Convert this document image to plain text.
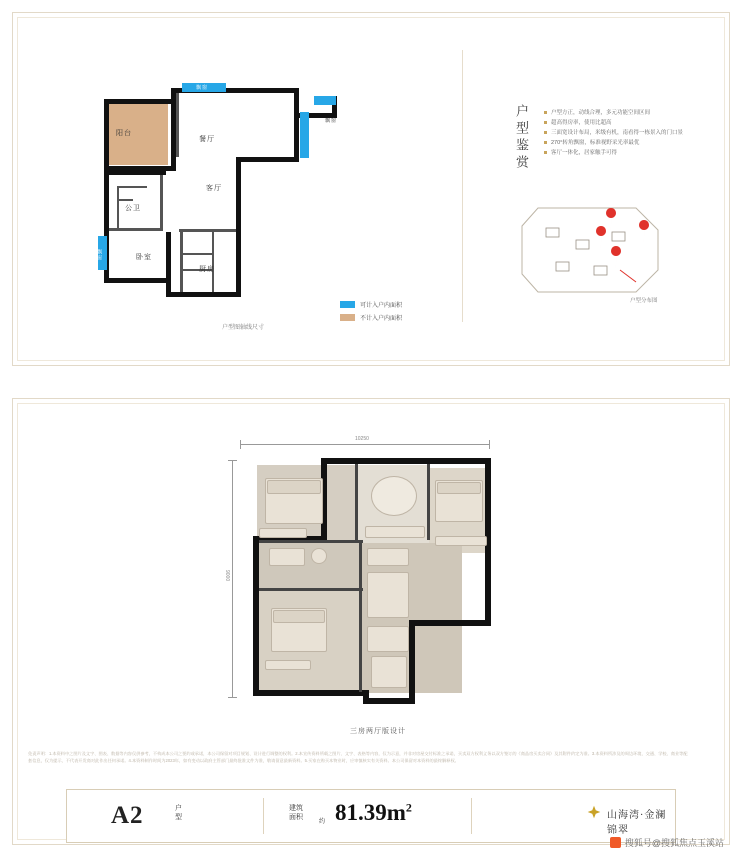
阳台
餐厅
客厅
公卫
卧室
厨房
飘窗
飘窗
飘窗
户型图轴线尺寸
可计入户内面积
不计入户内面积
户型鉴赏	户型方正，动线合理，多元功能空间区间
超高得房率，使用比超高
三面宽设计布局，米级有机，南看得一栋景入的门口景
270°转角飘窗，标准视野采光率最优
客厅一体化，居家触手可得
户型分布图
10250
9000
三房两厅版设计
免责声明：1.本资料中之图片及文字、图表、数据等内容仅供参考，不构成本公司之要约或承诺，本公司保留对项目规划、设计进行调整的权利。2.本宣传资料所载之图片、文字、表格等内容，仅为示意，并非对房屋交付标准之承诺，买卖双方权利义务以双方签订的《商品房买卖合同》及其附件约定为准。3.本资料所涉及的周边环境、交通、学校、商业等配套信息，仅为提示，不代表开发商对此作出任何承诺。4.本资料制作时间为2023年，如有变动以政府主管部门最终批准文件为准，敬请留意最新资料。5.买家在购买本物业时，应审慎核实有关资料。本公司保留对本资料的最终解释权。
A2	户
型
建筑
面积
约 $81.39m^2$
山海湾·金澜锦翠
搜狐号@搜狐焦点玉溪站
